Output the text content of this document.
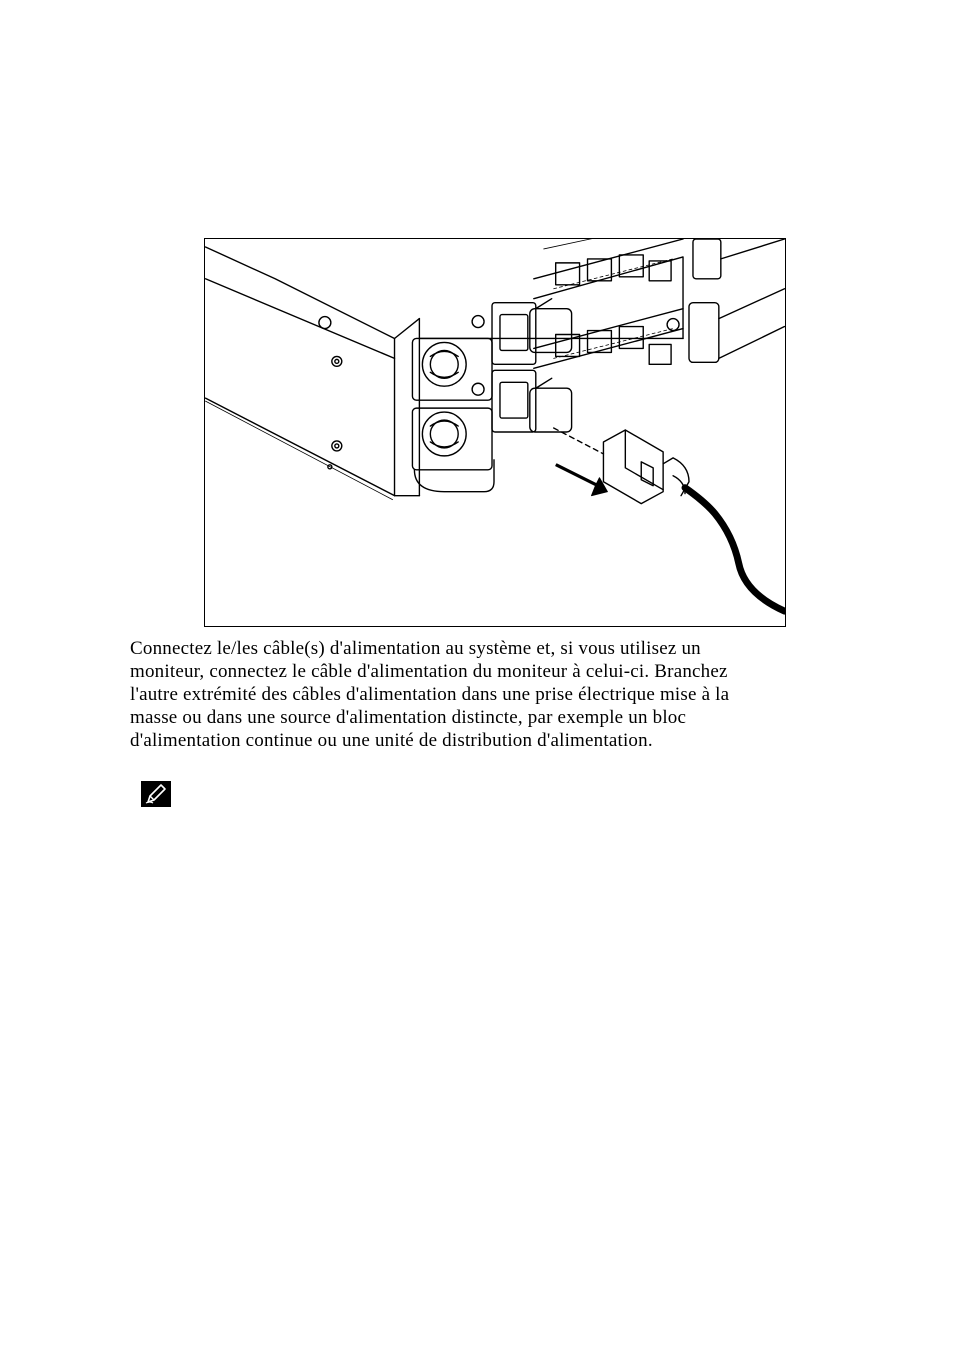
Connectez le/les câble(s) d'alimentation au système et, si vous utilisez un
moniteur, connectez le câble d'alimentation du moniteur à celui-ci. Branchez
l'autre extrémité des câbles d'alimentation dans une prise électrique mise à la
masse ou dans une source d'alimentation distincte, par exemple un bloc
d'alimentation continue ou une unité de distribution d'alimentation.
